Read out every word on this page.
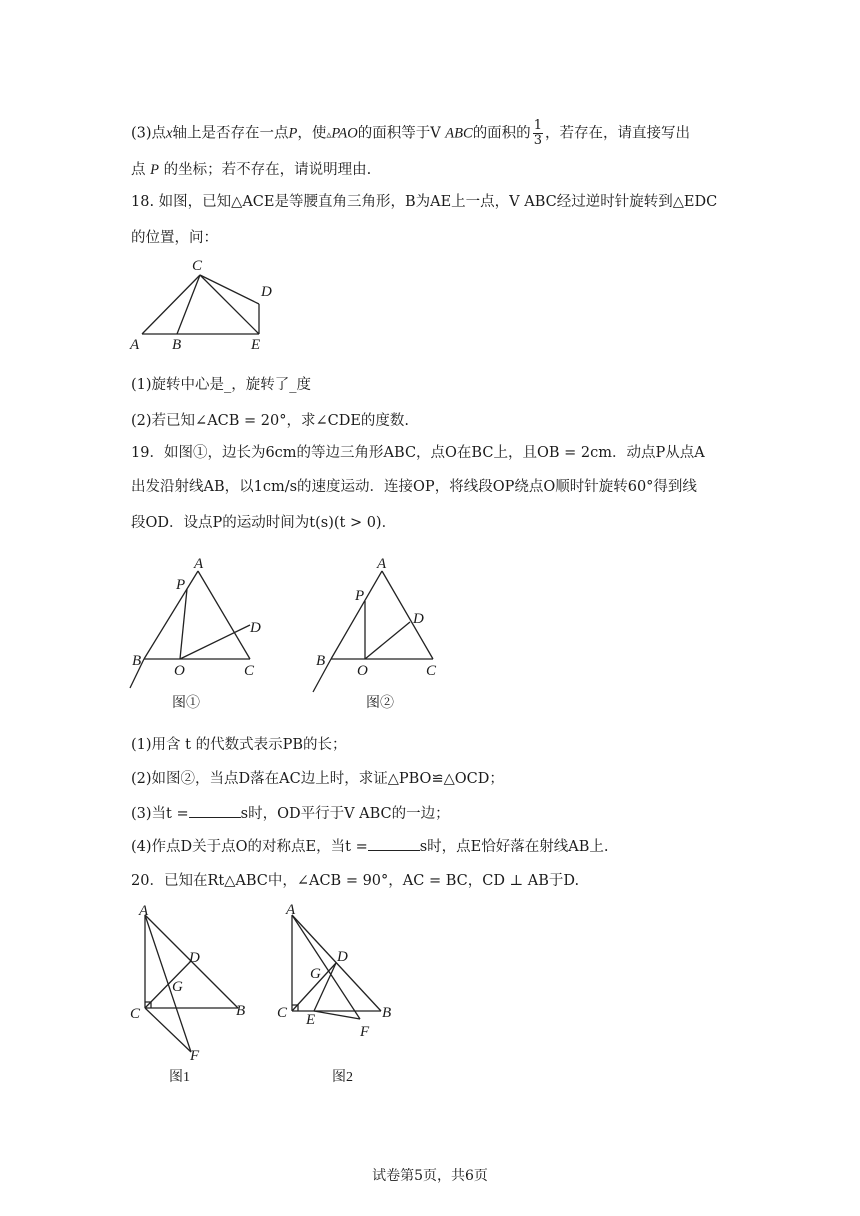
(3)点x轴上是否存在一点P，使▵PAO的面积等于V ABC的面积的 $\frac{1}{3}$ ，若存在，请直接写出
点 P 的坐标；若不存在，请说明理由.
18. 如图，已知△ACE是等腰直角三角形，B为AE上一点，V ABC经过逆时针旋转到△EDC
的位置，问：
A B
C
D
E
(1)旋转中心是_，旋转了_度
(2)若已知∠ACB = 20°，求∠CDE的度数.
19．如图①，边长为6cm的等边三角形ABC，点O在BC上，且OB = 2cm．动点P从点A
出发沿射线AB，以1cm/s的速度运动．连接OP，将线段OP绕点O顺时针旋转60°得到线
段OD．设点P的运动时间为t(s)(t > 0)．
A
P
D
B
O	C
图①
A
P
D
B
O	C
图②
(1)用含 t 的代数式表示PB的长；
(2)如图②，当点D落在AC边上时，求证△PBO≌△OCD；
(3)当t =	s时，OD平行于V ABC的一边；
(4)作点D关于点O的对称点E，当t =	s时，点E恰好落在射线AB上.
20．已知在Rt△ABC中，∠ACB = 90°，AC = BC，CD ⊥ AB于D.
A
D
G
C	B
F
图1
A
D
G
C E	B
F
图2
试卷第5页，共6页
